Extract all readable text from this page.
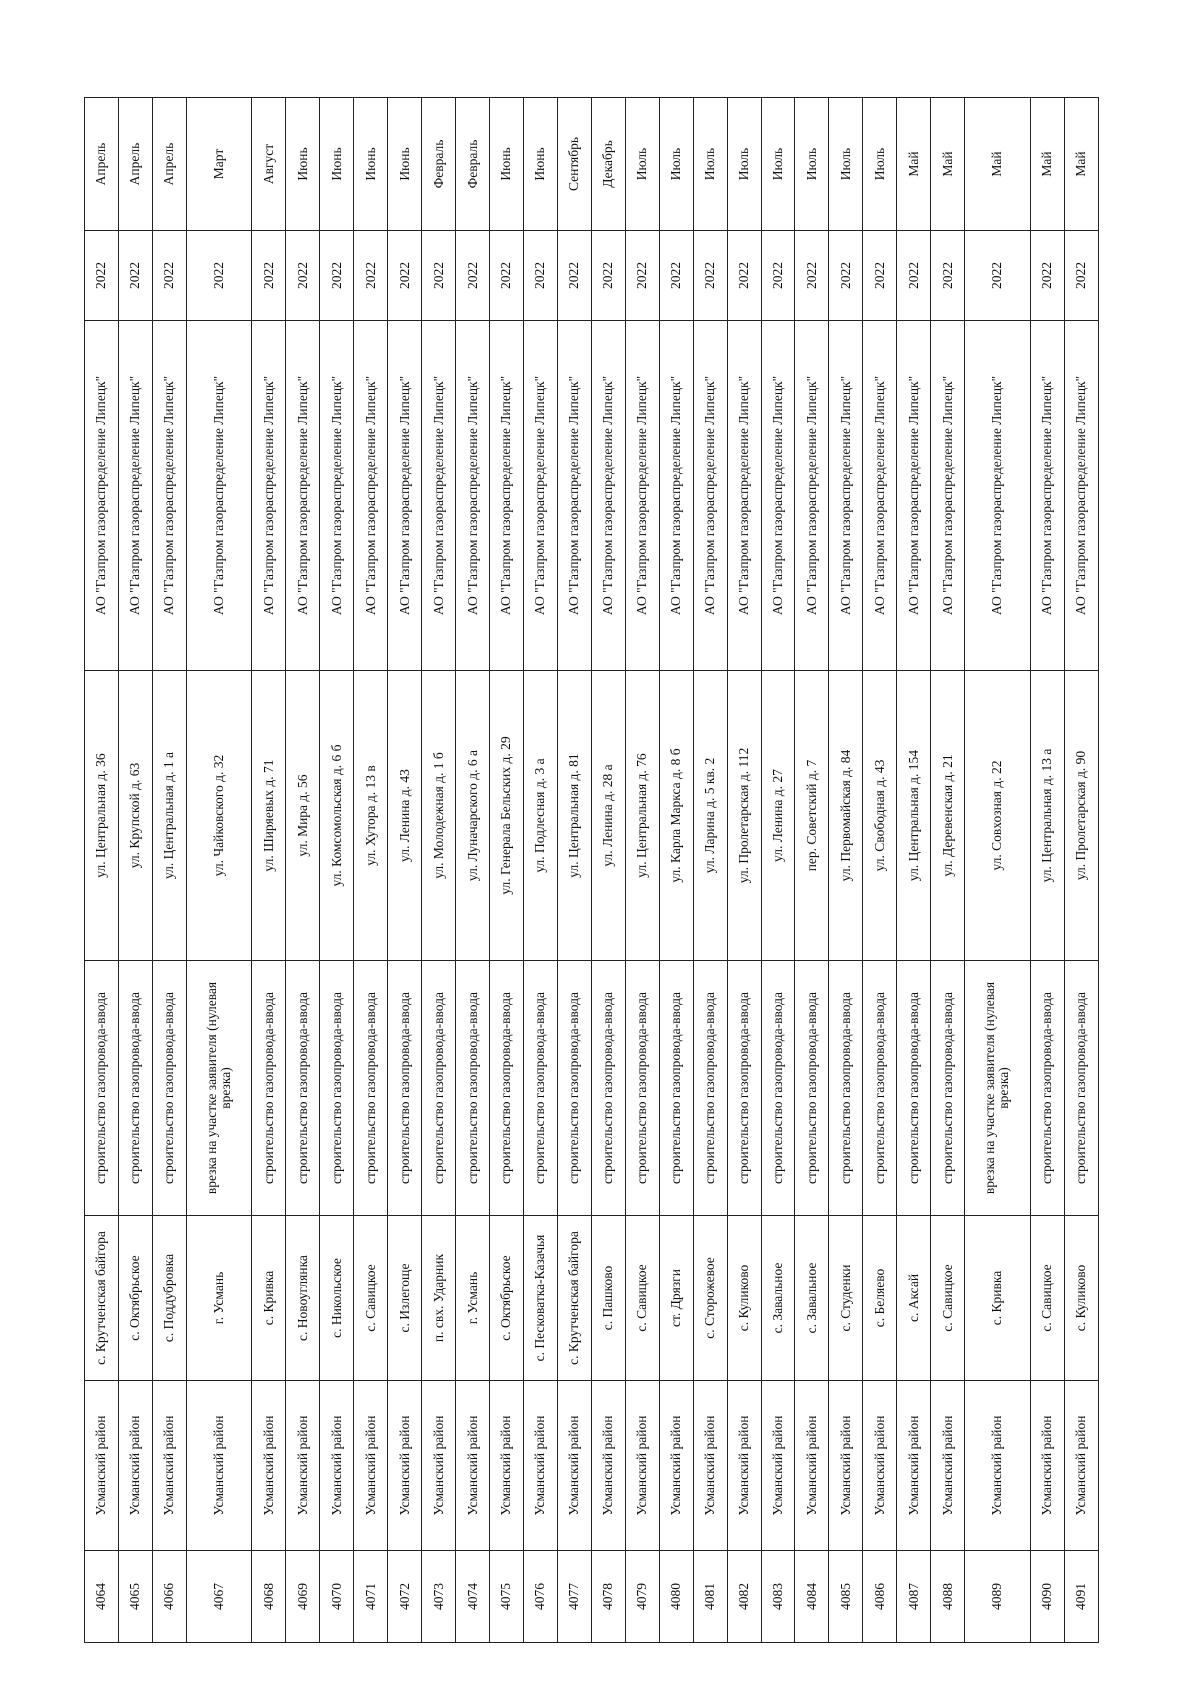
4064	Усманский район	с. Крутченская байгора	строительство газопровода-ввода	ул. Центральная д. 36	АО "Газпром газораспределение Липецк"	2022	Апрель
4065	Усманский район	с. Октябрьское	строительство газопровода-ввода	ул. Крупской д. 63	АО "Газпром газораспределение Липецк"	2022	Апрель
4066	Усманский район	с. Поддубровка	строительство газопровода-ввода	ул. Центральная д. 1 а	АО "Газпром газораспределение Липецк"	2022	Апрель
4067	Усманский район	г. Усмань	врезка на участке заявителя (нулевая врезка)	ул. Чайковского д. 32	АО "Газпром газораспределение Липецк"	2022	Март
4068	Усманский район	с. Кривка	строительство газопровода-ввода	ул. Ширяевых д. 71	АО "Газпром газораспределение Липецк"	2022	Август
4069	Усманский район	с. Новоуглянка	строительство газопровода-ввода	ул. Мира д. 56	АО "Газпром газораспределение Липецк"	2022	Июнь
4070	Усманский район	с. Никольское	строительство газопровода-ввода	ул. Комсомольская д. 6 б	АО "Газпром газораспределение Липецк"	2022	Июнь
4071	Усманский район	с. Савицкое	строительство газопровода-ввода	ул. Хутора д. 13 в	АО "Газпром газораспределение Липецк"	2022	Июнь
4072	Усманский район	с. Излегоще	строительство газопровода-ввода	ул. Ленина д. 43	АО "Газпром газораспределение Липецк"	2022	Июнь
4073	Усманский район	п. свх. Ударник	строительство газопровода-ввода	ул. Молодежная д. 1 б	АО "Газпром газораспределение Липецк"	2022	Февраль
4074	Усманский район	г. Усмань	строительство газопровода-ввода	ул. Луначарского д. 6 а	АО "Газпром газораспределение Липецк"	2022	Февраль
4075	Усманский район	с. Октябрьское	строительство газопровода-ввода	ул. Генерала Бельских д. 29	АО "Газпром газораспределение Липецк"	2022	Июнь
4076	Усманский район	с. Песковатка-Казачья	строительство газопровода-ввода	ул. Подлесная д. 3 а	АО "Газпром газораспределение Липецк"	2022	Июнь
4077	Усманский район	с. Крутченская байгора	строительство газопровода-ввода	ул. Центральная д. 81	АО "Газпром газораспределение Липецк"	2022	Сентябрь
4078	Усманский район	с. Пашково	строительство газопровода-ввода	ул. Ленина д. 28 а	АО "Газпром газораспределение Липецк"	2022	Декабрь
4079	Усманский район	с. Савицкое	строительство газопровода-ввода	ул. Центральная д. 76	АО "Газпром газораспределение Липецк"	2022	Июль
4080	Усманский район	ст. Дрязги	строительство газопровода-ввода	ул. Карла Маркса д. 8 б	АО "Газпром газораспределение Липецк"	2022	Июль
4081	Усманский район	с. Сторожевое	строительство газопровода-ввода	ул. Ларина д. 5 кв. 2	АО "Газпром газораспределение Липецк"	2022	Июль
4082	Усманский район	с. Куликово	строительство газопровода-ввода	ул. Пролетарская д. 112	АО "Газпром газораспределение Липецк"	2022	Июль
4083	Усманский район	с. Завальное	строительство газопровода-ввода	ул. Ленина д. 27	АО "Газпром газораспределение Липецк"	2022	Июль
4084	Усманский район	с. Завальное	строительство газопровода-ввода	пер. Советский д. 7	АО "Газпром газораспределение Липецк"	2022	Июль
4085	Усманский район	с. Студенки	строительство газопровода-ввода	ул. Первомайская д. 84	АО "Газпром газораспределение Липецк"	2022	Июль
4086	Усманский район	с. Беляево	строительство газопровода-ввода	ул. Свободная д. 43	АО "Газпром газораспределение Липецк"	2022	Июль
4087	Усманский район	с. Аксай	строительство газопровода-ввода	ул. Центральная д. 154	АО "Газпром газораспределение Липецк"	2022	Май
4088	Усманский район	с. Савицкое	строительство газопровода-ввода	ул. Деревенская д. 21	АО "Газпром газораспределение Липецк"	2022	Май
4089	Усманский район	с. Кривка	врезка на участке заявителя (нулевая врезка)	ул. Совхозная д. 22	АО "Газпром газораспределение Липецк"	2022	Май
4090	Усманский район	с. Савицкое	строительство газопровода-ввода	ул. Центральная д. 13 а	АО "Газпром газораспределение Липецк"	2022	Май
4091	Усманский район	с. Куликово	строительство газопровода-ввода	ул. Пролетарская д. 90	АО "Газпром газораспределение Липецк"	2022	Май
